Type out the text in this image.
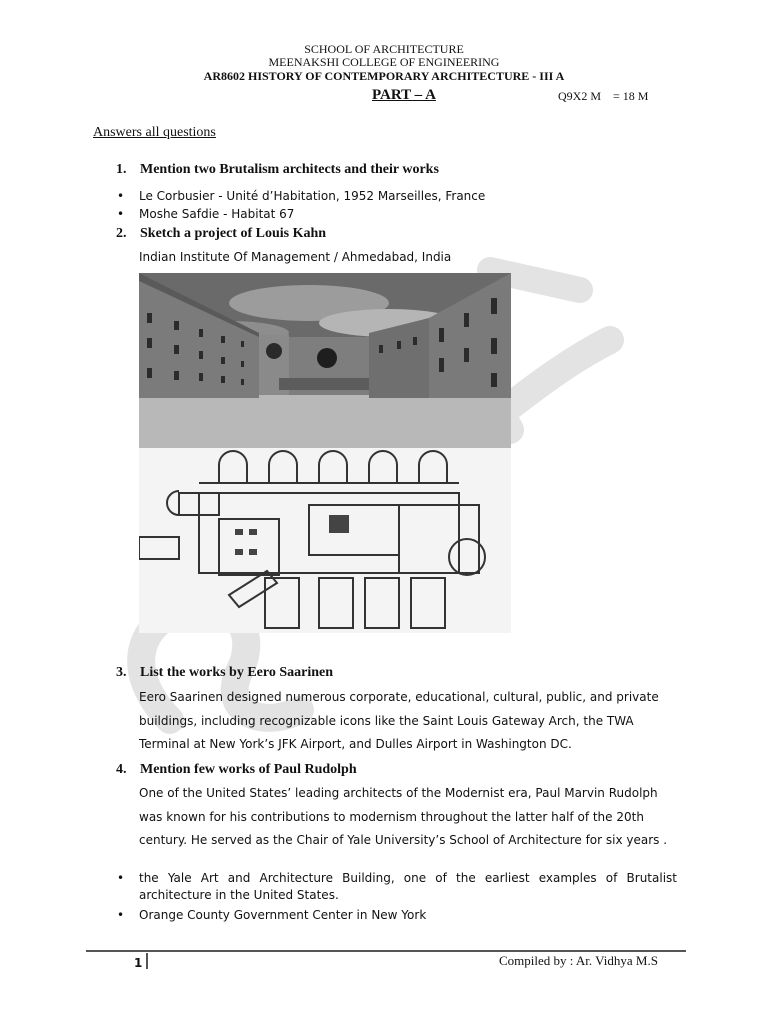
SCHOOL OF ARCHITECTURE
MEENAKSHI COLLEGE OF ENGINEERING
AR8602 HISTORY OF CONTEMPORARY ARCHITECTURE - III A
PART – A	Q9X2 M    = 18 M
Answers all questions
1. Mention two Brutalism architects and their works
• Le Corbusier - Unité d’Habitation, 1952 Marseilles, France
• Moshe Safdie - Habitat 67
2. Sketch a project of Louis Kahn
Indian Institute Of Management / Ahmedabad, India
3. List the works by Eero Saarinen
Eero Saarinen designed numerous corporate, educational, cultural, public, and private buildings, including recognizable icons like the Saint Louis Gateway Arch, the TWA Terminal at New York’s JFK Airport, and Dulles Airport in Washington DC.
4. Mention few works of Paul Rudolph
One of the United States’ leading architects of the Modernist era, Paul Marvin Rudolph was known for his contributions to modernism throughout the latter half of the 20th century. He served as the Chair of Yale University’s School of Architecture for six years .
• the Yale Art and Architecture Building, one of the earliest examples of Brutalist architecture in the United States.
• Orange County Government Center in New York
1	Compiled by : Ar. Vidhya M.S
